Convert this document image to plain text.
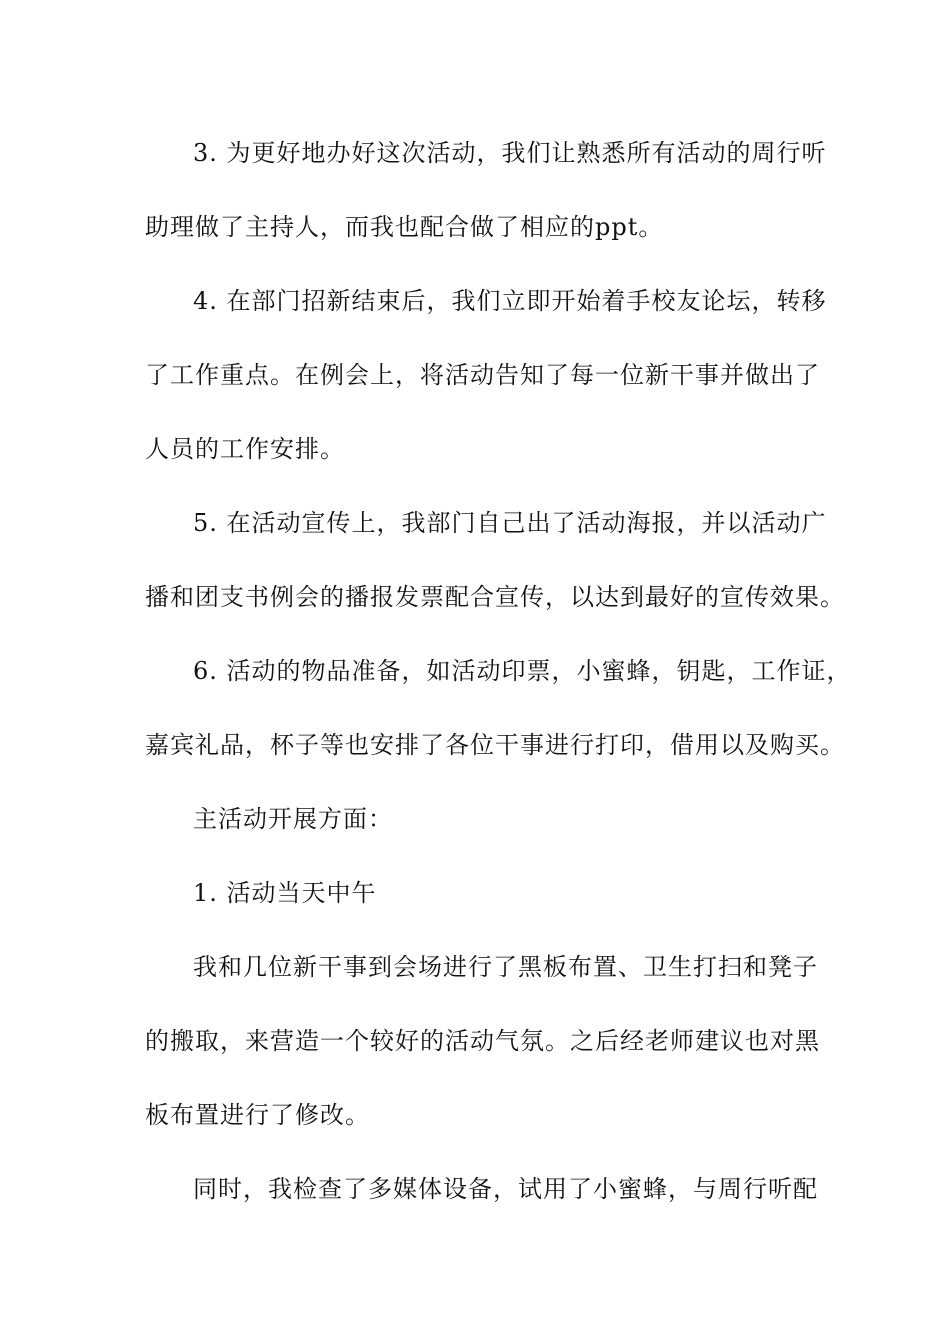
3. 为更好地办好这次活动，我们让熟悉所有活动的周行听

助理做了主持人，而我也配合做了相应的ppt。

4. 在部门招新结束后，我们立即开始着手校友论坛，转移

了工作重点。在例会上，将活动告知了每一位新干事并做出了

人员的工作安排。

5. 在活动宣传上，我部门自己出了活动海报，并以活动广

播和团支书例会的播报发票配合宣传，以达到最好的宣传效果。

6. 活动的物品准备，如活动印票，小蜜蜂，钥匙，工作证，

嘉宾礼品，杯子等也安排了各位干事进行打印，借用以及购买。

主活动开展方面：

1. 活动当天中午

我和几位新干事到会场进行了黑板布置、卫生打扫和凳子

的搬取，来营造一个较好的活动气氛。之后经老师建议也对黑

板布置进行了修改。

同时，我检查了多媒体设备，试用了小蜜蜂，与周行听配
